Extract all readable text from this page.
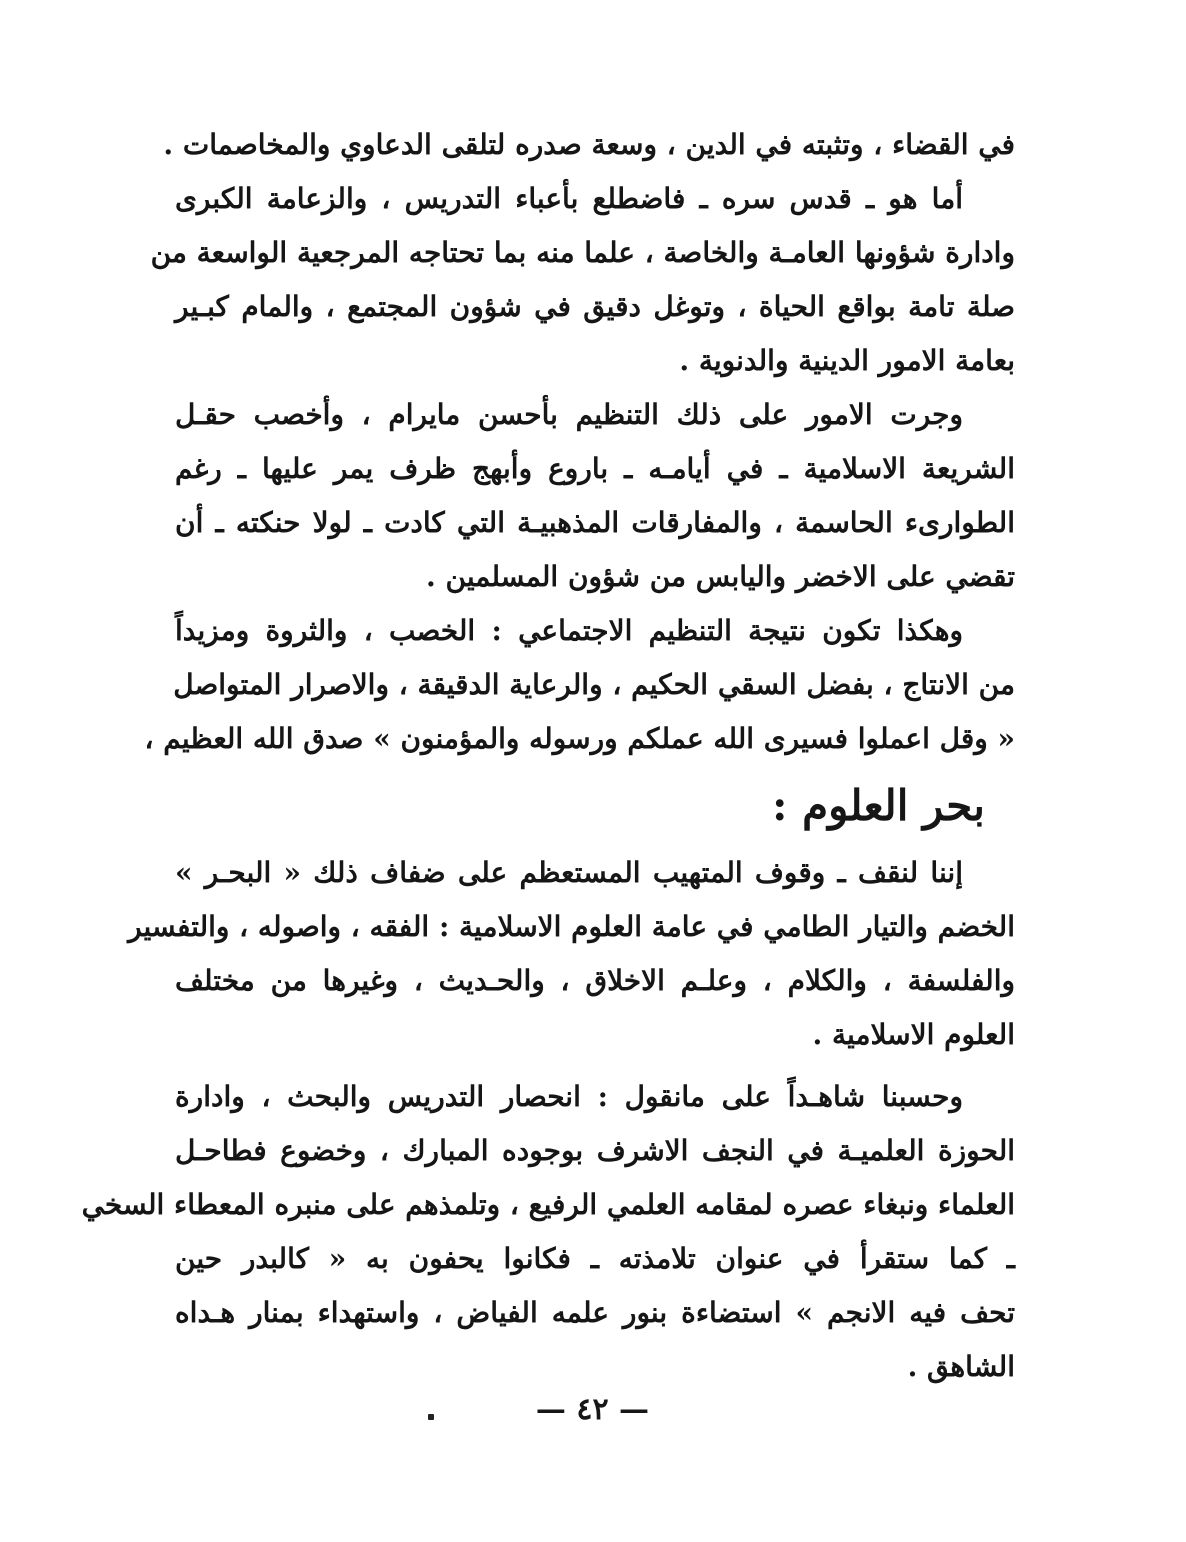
في القضاء ، وتثبته في الدين ، وسعة صدره لتلقى الدعاوي والمخاصمات .
أما هو ـ قدس سره ـ فاضطلع بأعباء التدريس ، والزعامة الكبرى
وادارة شؤونها العامـة والخاصة ، علما منه بما تحتاجه المرجعية الواسعة من
صلة تامة بواقع الحياة ، وتوغل دقيق في شؤون المجتمع ، والمام كبـير
بعامة الامور الدينية والدنوية .
وجرت الامور على ذلك التنظيم بأحسن مايرام ، وأخصب حقـل
الشريعة الاسلامية ـ في أيامـه ـ باروع وأبهج ظرف يمر عليها ـ رغم
الطوارىء الحاسمة ، والمفارقات المذهبيـة التي كادت ـ لولا حنكته ـ أن
تقضي على الاخضر واليابس من شؤون المسلمين .
وهكذا تكون نتيجة التنظيم الاجتماعي : الخصب ، والثروة ومزيداً
من الانتاج ، بفضل السقي الحكيم ، والرعاية الدقيقة ، والاصرار المتواصل
« وقل اعملوا فسيرى الله عملكم ورسوله والمؤمنون » صدق الله العظيم ،
بحر العلوم :
إننا لنقف ـ وقوف المتهيب المستعظم على ضفاف ذلك « البحـر »
الخضم والتيار الطامي في عامة العلوم الاسلامية : الفقه ، واصوله ، والتفسير
والفلسفة ، والكلام ، وعلـم الاخلاق ، والحـديث ، وغيرها من مختلف
العلوم الاسلامية .
وحسبنا شاهـداً على مانقول : انحصار التدريس والبحث ، وادارة
الحوزة العلميـة في النجف الاشرف بوجوده المبارك ، وخضوع فطاحـل
العلماء ونبغاء عصره لمقامه العلمي الرفيع ، وتلمذهم على منبره المعطاء السخي
ـ كما ستقرأ في عنوان تلامذته ـ فكانوا يحفون به « كالبدر حين
تحف فيه الانجم » استضاءة بنور علمه الفياض ، واستهداء بمنار هـداه
الشاهق .
— ٤٢ —
